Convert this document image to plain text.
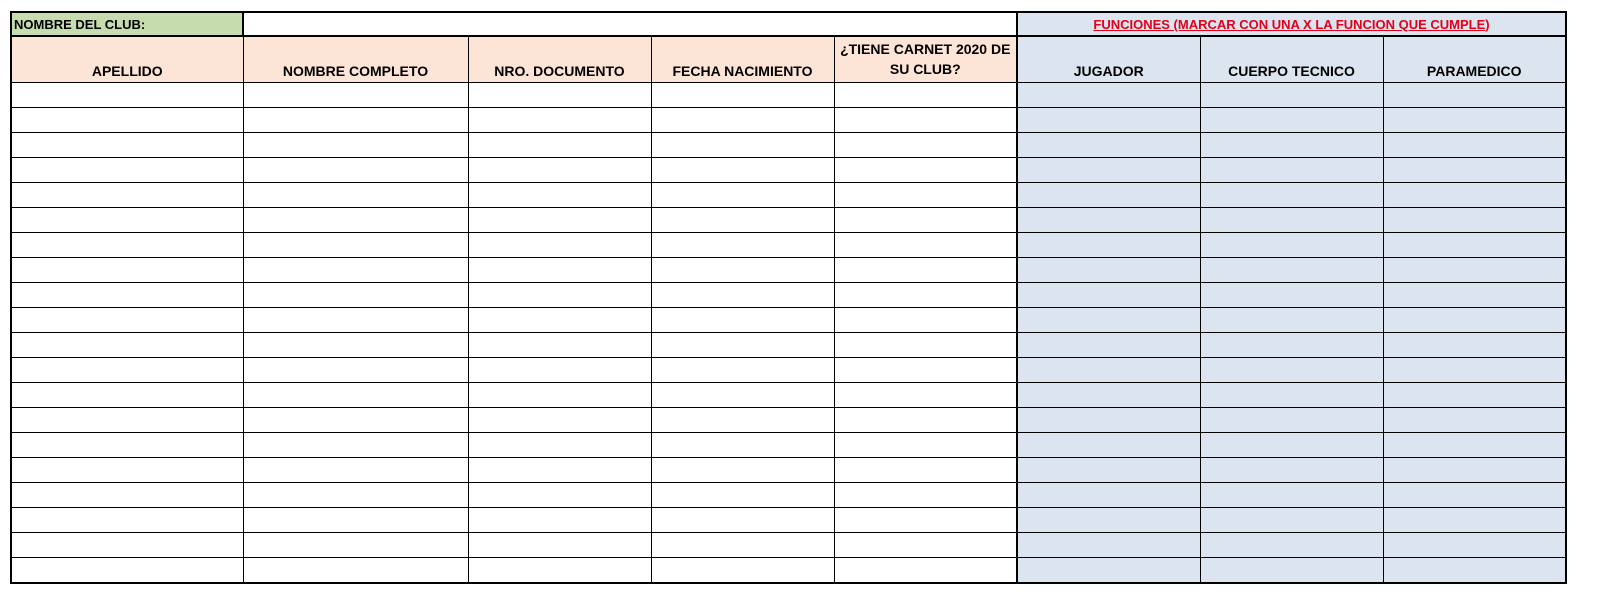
NOMBRE DEL CLUB:					FUNCIONES (MARCAR CON UNA X LA FUNCION QUE CUMPLE)		
APELLIDO	NOMBRE COMPLETO	NRO. DOCUMENTO	FECHA NACIMIENTO	¿TIENE CARNET 2020 DE SU CLUB?	JUGADOR	CUERPO TECNICO	PARAMEDICO
